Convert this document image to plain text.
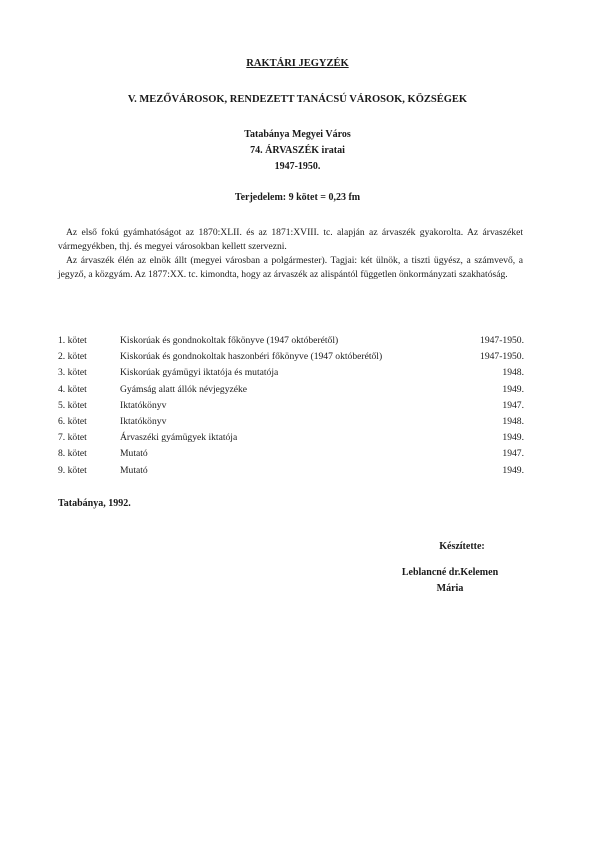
RAKTÁRI JEGYZÉK
V. MEZŐVÁROSOK, RENDEZETT TANÁCSÚ VÁROSOK, KÖZSÉGEK
Tatabánya Megyei Város
74. ÁRVASZÉK iratai
1947-1950.
Terjedelem: 9 kötet = 0,23 fm

Az első fokú gyámhatóságot az 1870:XLII. és az 1871:XVIII. tc. alapján az árvaszék gyakorolta. Az árvaszéket vármegyékben, thj. és megyei városokban kellett szervezni.

Az árvaszék élén az elnök állt (megyei városban a polgármester). Tagjai: két ülnök, a tiszti ügyész, a számvevő, a jegyző, a közgyám. Az 1877:XX. tc. kimondta, hogy az árvaszék az alispántól független önkormányzati szakhatóság.

1. kötet	Kiskorúak és gondnokoltak főkönyve (1947 októberétől)	1947-1950.
2. kötet	Kiskorúak és gondnokoltak haszonbéri főkönyve (1947 októberétől)	1947-1950.
3. kötet	Kiskorúak gyámügyi iktatója és mutatója	1948.
4. kötet	Gyámság alatt állók névjegyzéke	1949.
5. kötet	Iktatókönyv	1947.
6. kötet	Iktatókönyv	1948.
7. kötet	Árvaszéki gyámügyek iktatója	1949.
8. kötet	Mutató	1947.
9. kötet	Mutató	1949.
Tatabánya, 1992.
Készítette:
Leblancné dr.Kelemen
Mária
